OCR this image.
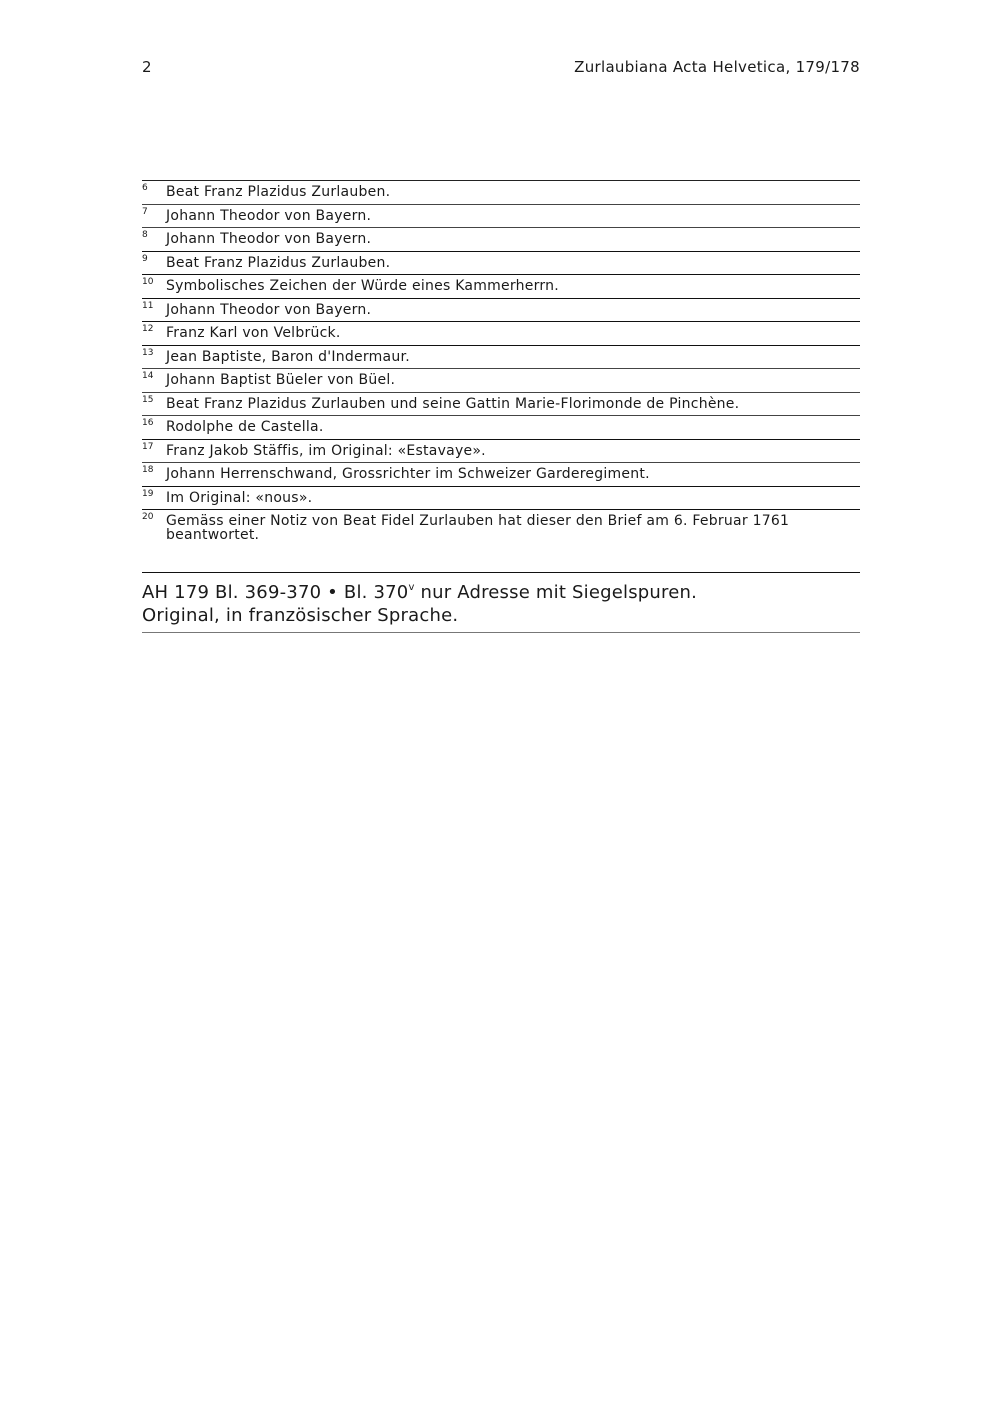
2	Zurlaubiana Acta Helvetica, 179/178
6	Beat Franz Plazidus Zurlauben.
7	Johann Theodor von Bayern.
8	Johann Theodor von Bayern.
9	Beat Franz Plazidus Zurlauben.
10 Symbolisches Zeichen der Würde eines Kammerherrn.
11 Johann Theodor von Bayern.
12 Franz Karl von Velbrück.
13 Jean Baptiste, Baron d'Indermaur.
14 Johann Baptist Büeler von Büel.
15 Beat Franz Plazidus Zurlauben und seine Gattin Marie-Florimonde de Pinchène.
16 Rodolphe de Castella.
17 Franz Jakob Stäffis, im Original: «Estavaye».
18 Johann Herrenschwand, Grossrichter im Schweizer Garderegiment.
19 Im Original: «nous».
20 Gemäss einer Notiz von Beat Fidel Zurlauben hat dieser den Brief am 6. Februar 1761 beantwortet.
AH 179 Bl. 369-370 • Bl. 370$^v$ nur Adresse mit Siegelspuren.
Original, in französischer Sprache.
